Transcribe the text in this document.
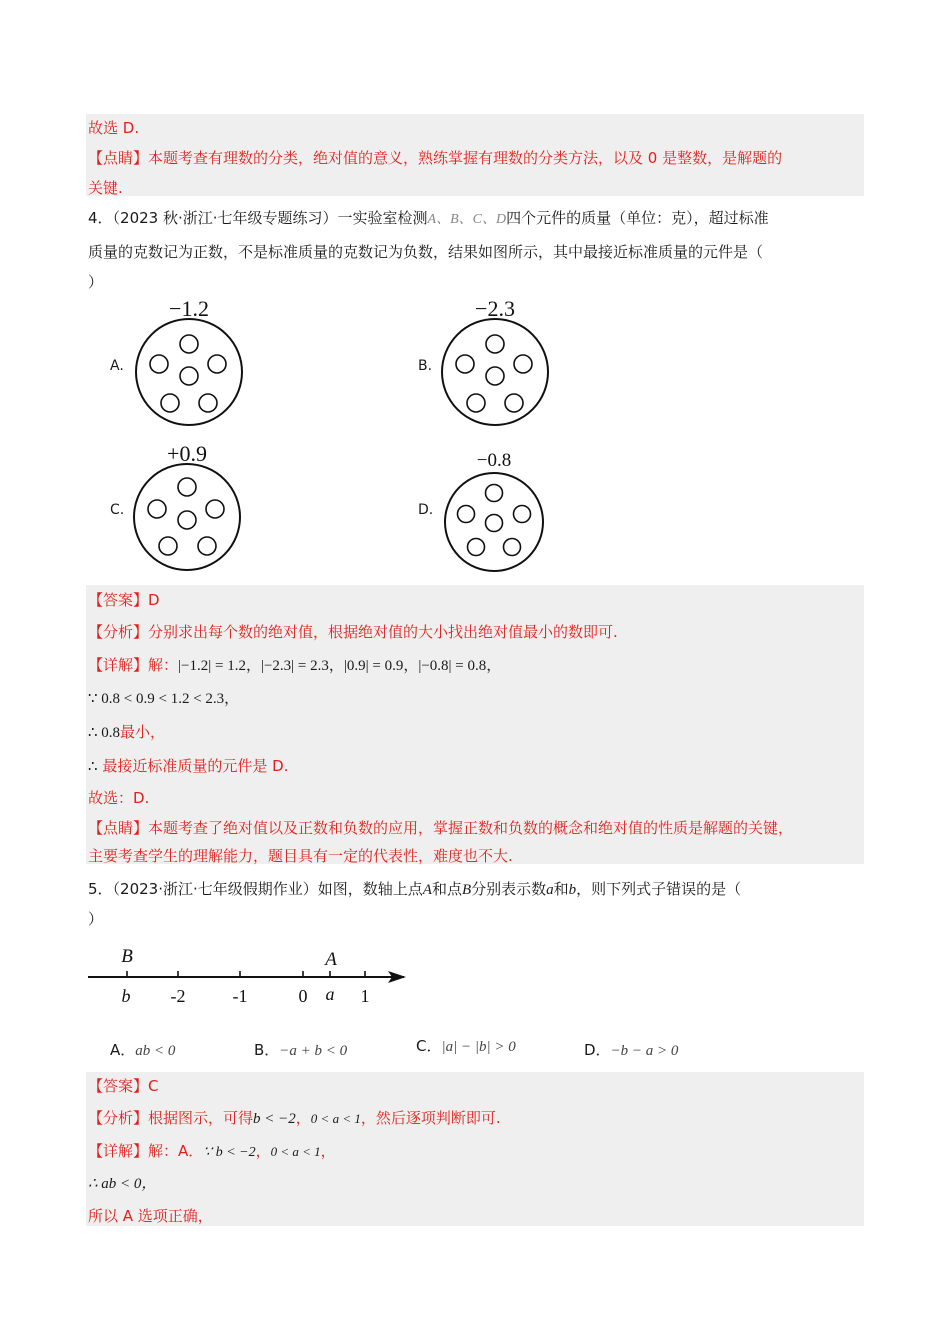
故选 D.
【点睛】本题考查有理数的分类，绝对值的意义，熟练掌握有理数的分类方法，以及 0 是整数，是解题的
关键.
4．（2023 秋·浙江·七年级专题练习）一实验室检测A、B、C、D四个元件的质量（单位：克），超过标准
质量的克数记为正数，不是标准质量的克数记为负数，结果如图所示，其中最接近标准质量的元件是（
）
A.	B.
C.	D.
−1.2	−2.3
+0.9	−0.8
【答案】D
【分析】分别求出每个数的绝对值，根据绝对值的大小找出绝对值最小的数即可.
【详解】解：|−1.2| = 1.2，|−2.3| = 2.3，|0.9| = 0.9，|−0.8| = 0.8，
∵ 0.8 < 0.9 < 1.2 < 2.3，
∴ 0.8最小，
∴ 最接近标准质量的元件是 D.
故选：D.
【点睛】本题考查了绝对值以及正数和负数的应用，掌握正数和负数的概念和绝对值的性质是解题的关键，
主要考查学生的理解能力，题目具有一定的代表性，难度也不大.
5．（2023·浙江·七年级假期作业）如图，数轴上点A和点B分别表示数a和b，则下列式子错误的是（
）
B	A
b -2	-1	0 a 1
A．ab < 0	B．−a + b < 0	C．|a| − |b| > 0	D．−b − a > 0
【答案】C
【分析】根据图示，可得b < −2，0 < a < 1，然后逐项判断即可.
【详解】解：A．∵ b < −2，0 < a < 1，
∴ ab < 0，
所以 A 选项正确，
